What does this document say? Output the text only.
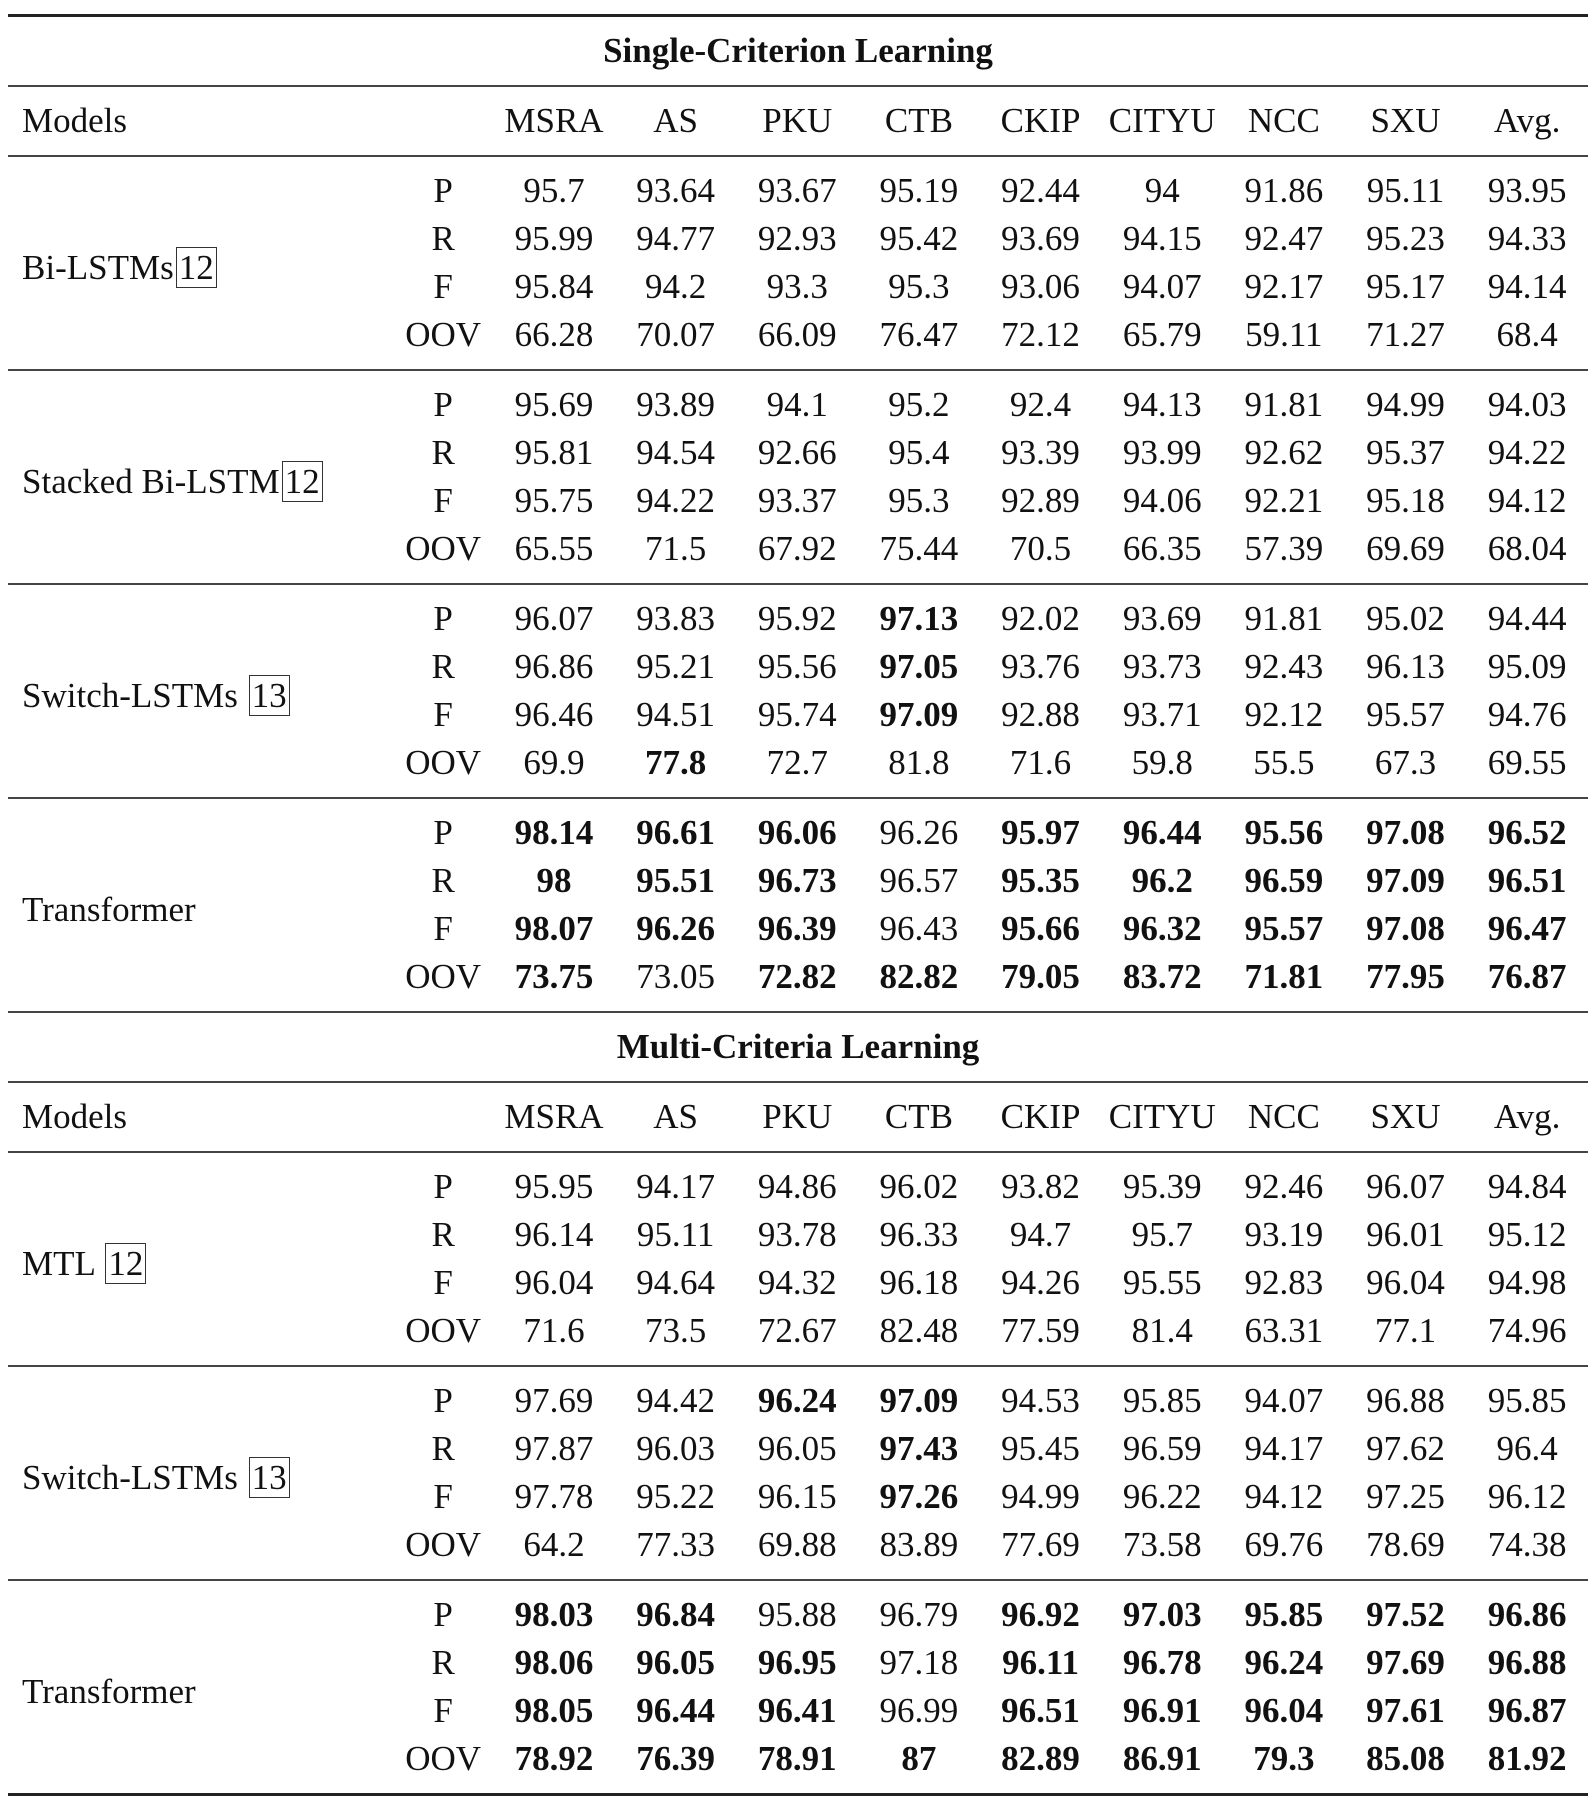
Single-Criterion Learning										
Models		MSRA	AS	PKU	CTB	CKIP	CITYU	NCC	SXU	Avg.
Bi-LSTMs 12	P	95.7	93.64	93.67	95.19	92.44	94	91.86	95.11	93.95
	R	95.99	94.77	92.93	95.42	93.69	94.15	92.47	95.23	94.33
	F	95.84	94.2	93.3	95.3	93.06	94.07	92.17	95.17	94.14
	OOV	66.28	70.07	66.09	76.47	72.12	65.79	59.11	71.27	68.4
Stacked Bi-LSTM 12	P	95.69	93.89	94.1	95.2	92.4	94.13	91.81	94.99	94.03
	R	95.81	94.54	92.66	95.4	93.39	93.99	92.62	95.37	94.22
	F	95.75	94.22	93.37	95.3	92.89	94.06	92.21	95.18	94.12
	OOV	65.55	71.5	67.92	75.44	70.5	66.35	57.39	69.69	68.04
Switch-LSTMs 13	P	96.07	93.83	95.92	97.13	92.02	93.69	91.81	95.02	94.44
	R	96.86	95.21	95.56	97.05	93.76	93.73	92.43	96.13	95.09
	F	96.46	94.51	95.74	97.09	92.88	93.71	92.12	95.57	94.76
	OOV	69.9	77.8	72.7	81.8	71.6	59.8	55.5	67.3	69.55
Transformer	P	98.14	96.61	96.06	96.26	95.97	96.44	95.56	97.08	96.52
	R	98	95.51	96.73	96.57	95.35	96.2	96.59	97.09	96.51
	F	98.07	96.26	96.39	96.43	95.66	96.32	95.57	97.08	96.47
	OOV	73.75	73.05	72.82	82.82	79.05	83.72	71.81	77.95	76.87
Multi-Criteria Learning										
Models		MSRA	AS	PKU	CTB	CKIP	CITYU	NCC	SXU	Avg.
MTL 12	P	95.95	94.17	94.86	96.02	93.82	95.39	92.46	96.07	94.84
	R	96.14	95.11	93.78	96.33	94.7	95.7	93.19	96.01	95.12
	F	96.04	94.64	94.32	96.18	94.26	95.55	92.83	96.04	94.98
	OOV	71.6	73.5	72.67	82.48	77.59	81.4	63.31	77.1	74.96
Switch-LSTMs 13	P	97.69	94.42	96.24	97.09	94.53	95.85	94.07	96.88	95.85
	R	97.87	96.03	96.05	97.43	95.45	96.59	94.17	97.62	96.4
	F	97.78	95.22	96.15	97.26	94.99	96.22	94.12	97.25	96.12
	OOV	64.2	77.33	69.88	83.89	77.69	73.58	69.76	78.69	74.38
Transformer	P	98.03	96.84	95.88	96.79	96.92	97.03	95.85	97.52	96.86
	R	98.06	96.05	96.95	97.18	96.11	96.78	96.24	97.69	96.88
	F	98.05	96.44	96.41	96.99	96.51	96.91	96.04	97.61	96.87
	OOV	78.92	76.39	78.91	87	82.89	86.91	79.3	85.08	81.92
